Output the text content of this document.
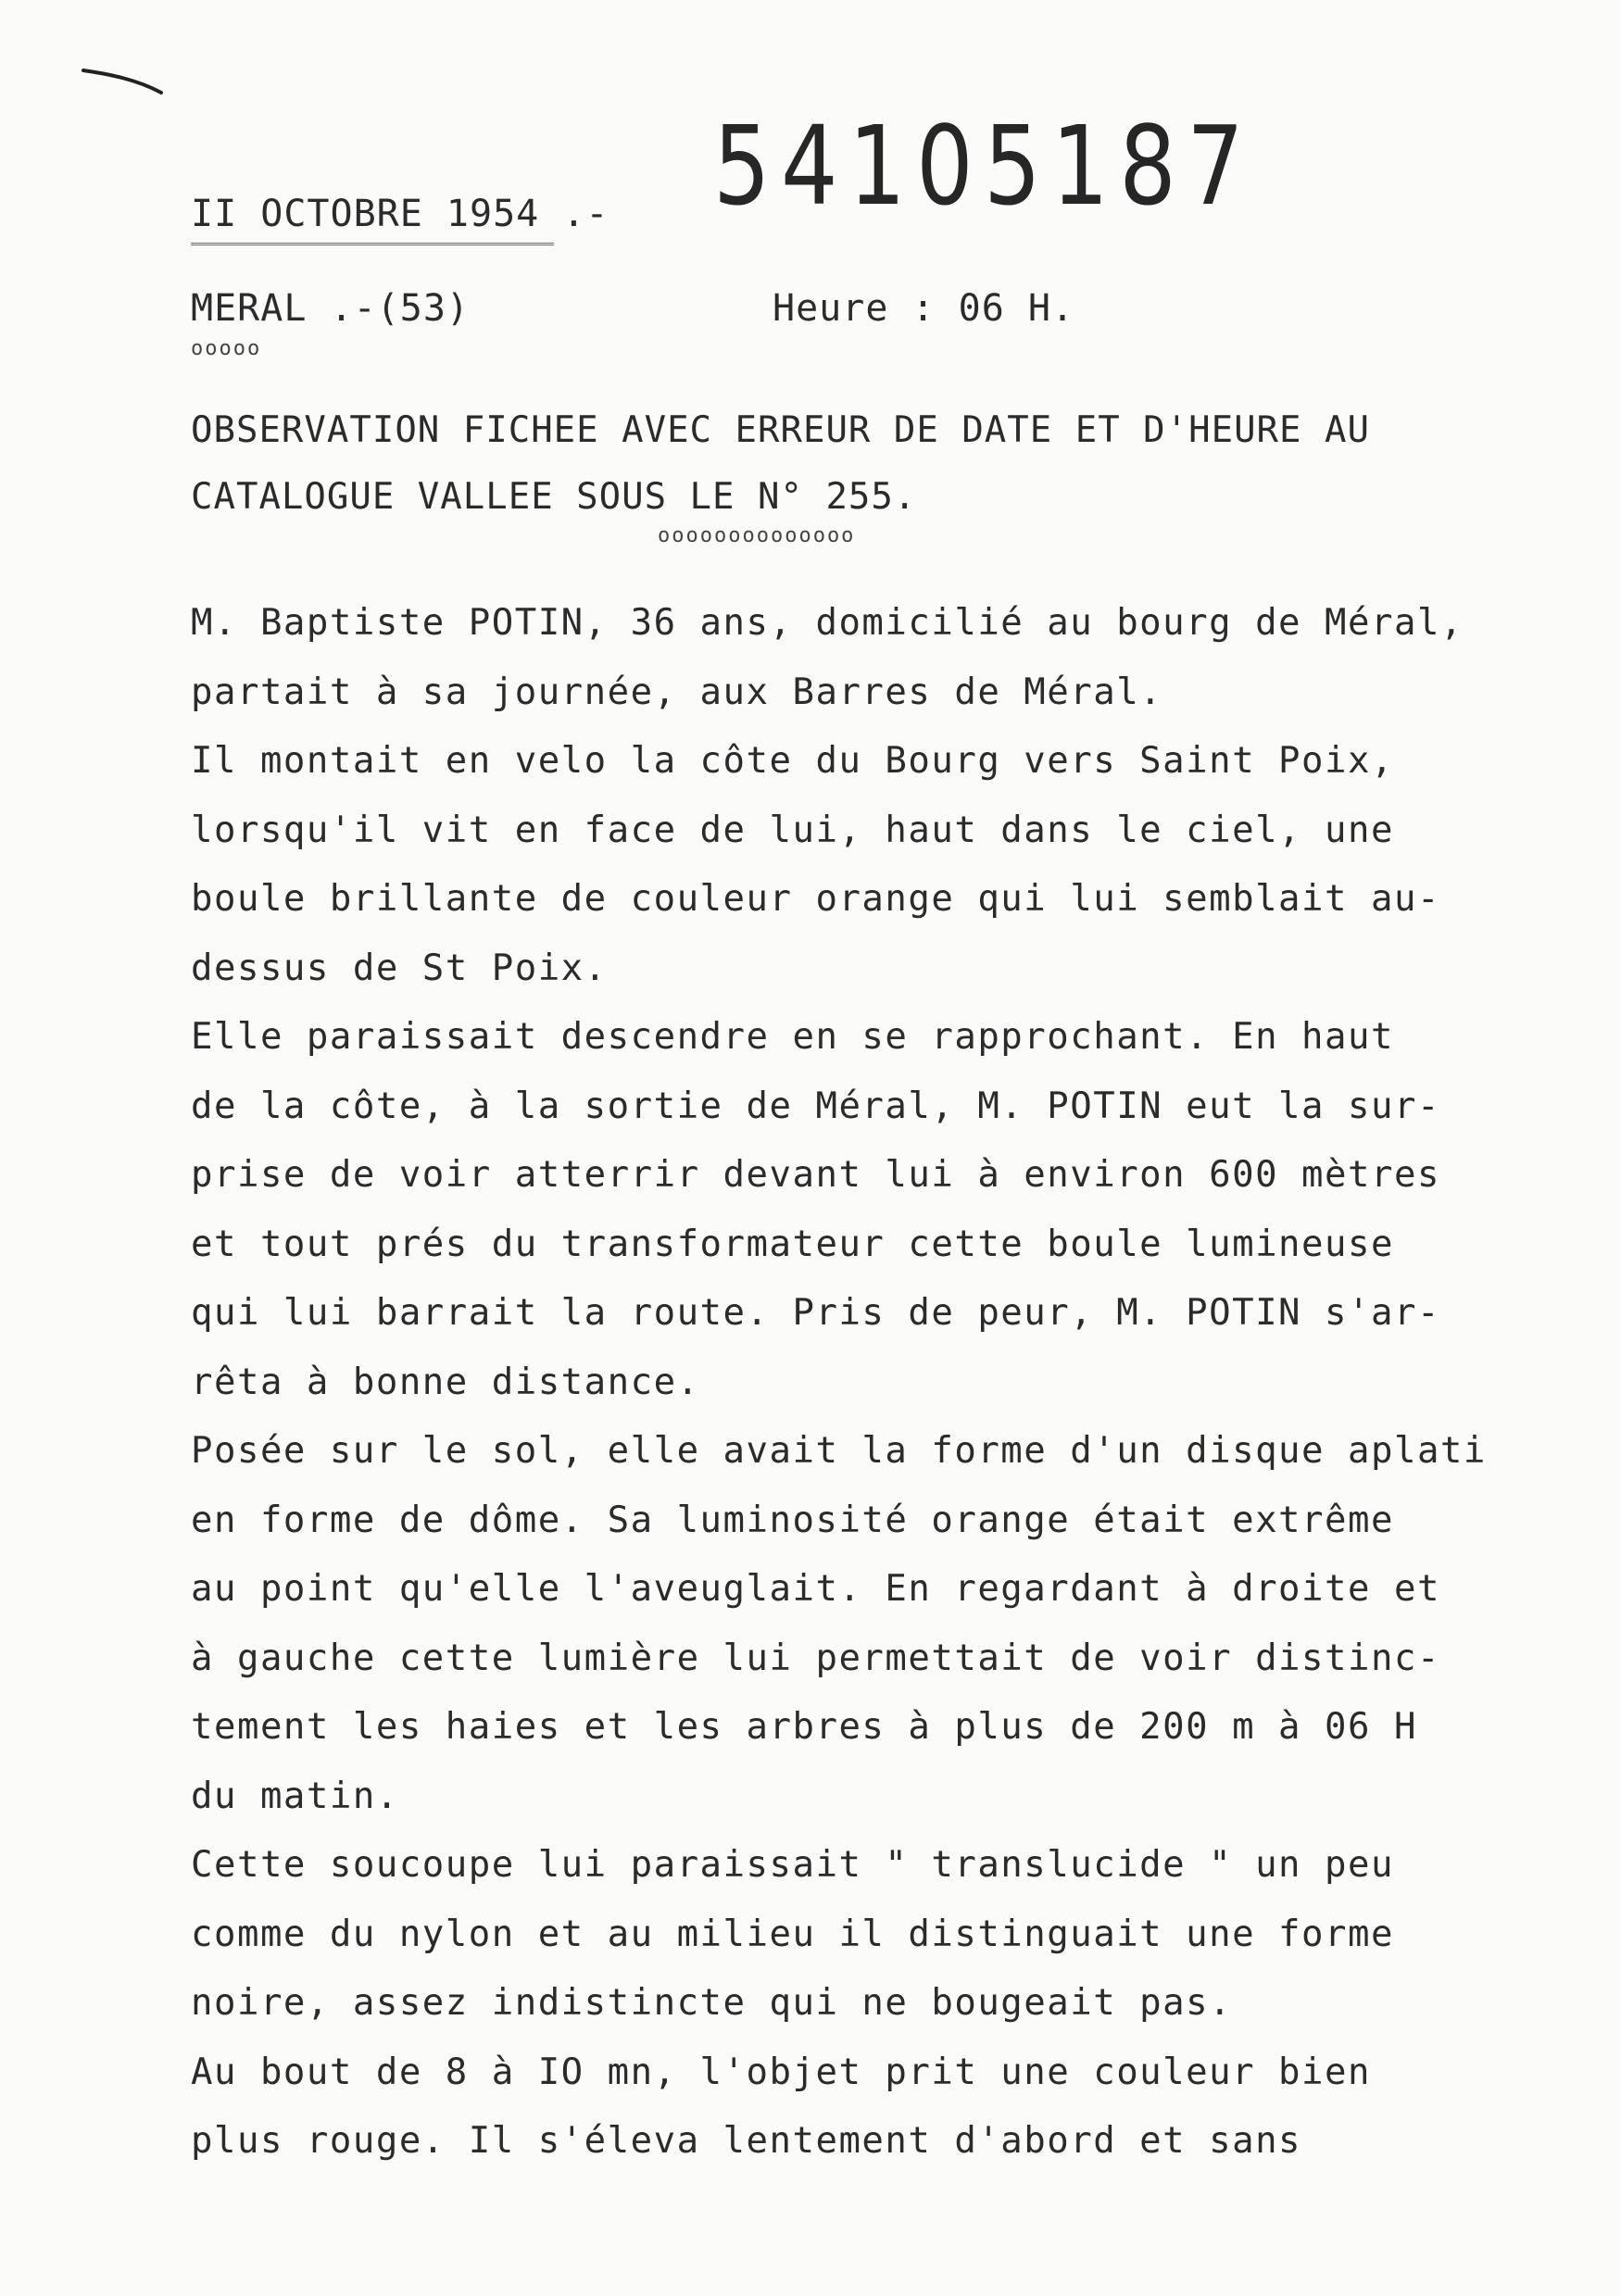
54105187
II OCTOBRE 1954 .-
MERAL .-(53)	Heure : 06 H.
ooooo
OBSERVATION FICHEE AVEC ERREUR DE DATE ET D'HEURE AU
CATALOGUE VALLEE SOUS LE N° 255.
oooooooooooooo
M. Baptiste POTIN, 36 ans, domicilié au bourg de Méral,
partait à sa journée, aux Barres de Méral.
Il montait en velo la côte du Bourg vers Saint Poix,
lorsqu'il vit en face de lui, haut dans le ciel, une
boule brillante de couleur orange qui lui semblait au-
dessus de St Poix.
Elle paraissait descendre en se rapprochant. En haut
de la côte, à la sortie de Méral, M. POTIN eut la sur-
prise de voir atterrir devant lui à environ 600 mètres
et tout prés du transformateur cette boule lumineuse
qui lui barrait la route. Pris de peur, M. POTIN s'ar-
rêta à bonne distance.
Posée sur le sol, elle avait la forme d'un disque aplati
en forme de dôme. Sa luminosité orange était extrême
au point qu'elle l'aveuglait. En regardant à droite et
à gauche cette lumière lui permettait de voir distinc-
tement les haies et les arbres à plus de 200 m à 06 H
du matin.
Cette soucoupe lui paraissait " translucide " un peu
comme du nylon et au milieu il distinguait une forme
noire, assez indistincte qui ne bougeait pas.
Au bout de 8 à IO mn, l'objet prit une couleur bien
plus rouge. Il s'éleva lentement d'abord et sans
